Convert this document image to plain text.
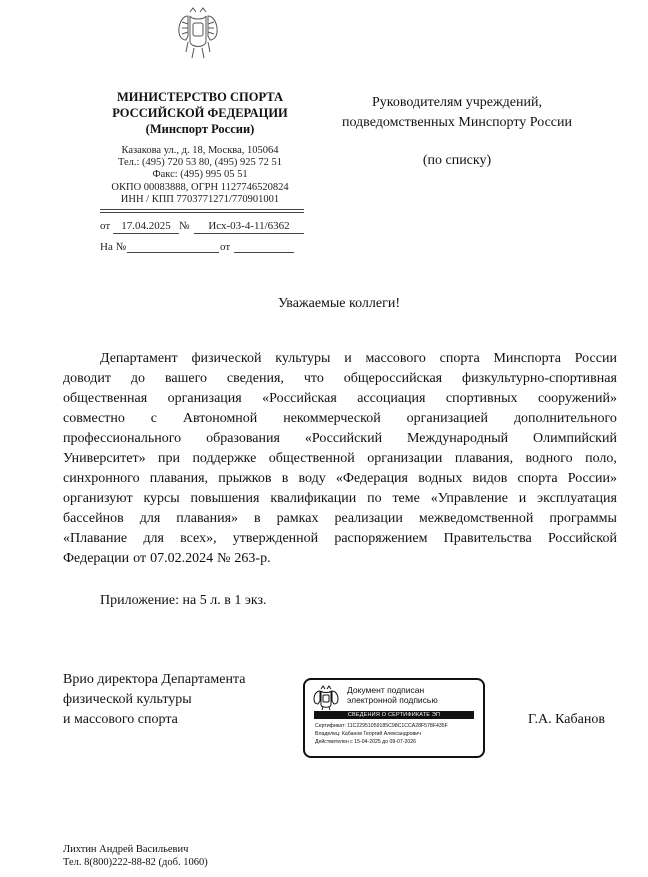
МИНИСТЕРСТВО СПОРТА
РОССИЙСКОЙ ФЕДЕРАЦИИ
(Минспорт России)
Казакова ул., д. 18, Москва, 105064
Тел.: (495) 720 53 80, (495) 925 72 51
Факс: (495) 995 05 51
ОКПО 00083888, ОГРН 1127746520824
ИНН / КПП 7703771271/770901001
от	17.04.2025 №	Исх-03-4-11/6362
На №	от
Руководителям учреждений,
подведомственных Минспорту России
(по списку)
Уважаемые коллеги!
Департамент физической культуры и массового спорта Минспорта России
доводит до вашего сведения, что общероссийская физкультурно-спортивная
общественная организация «Российская ассоциация спортивных сооружений»
совместно с Автономной некоммерческой организацией дополнительного
профессионального образования «Российский Международный Олимпийский
Университет» при поддержке общественной организации плавания, водного поло,
синхронного плавания, прыжков в воду «Федерация водных видов спорта России»
организуют курсы повышения квалификации по теме «Управление и эксплуатация
бассейнов для плавания» в рамках реализации межведомственной программы
«Плавание для всех», утвержденной распоряжением Правительства Российской
Федерации от 07.02.2024 № 263-р.
Приложение: на 5 л. в 1 экз.
Врио директора Департамента
физической культуры
и массового спорта
Документ подписан
электронной подписью
СВЕДЕНИЯ О СЕРТИФИКАТЕ ЭП
Сертификат: 11C22951059185C98C1CCA28F578F435F
Владелец: Кабанов Георгий Александрович
Действителен с 15-04-2025 до 09-07-2026
Г.А. Кабанов
Лихтин Андрей Васильевич
Тел. 8(800)222-88-82 (доб. 1060)
